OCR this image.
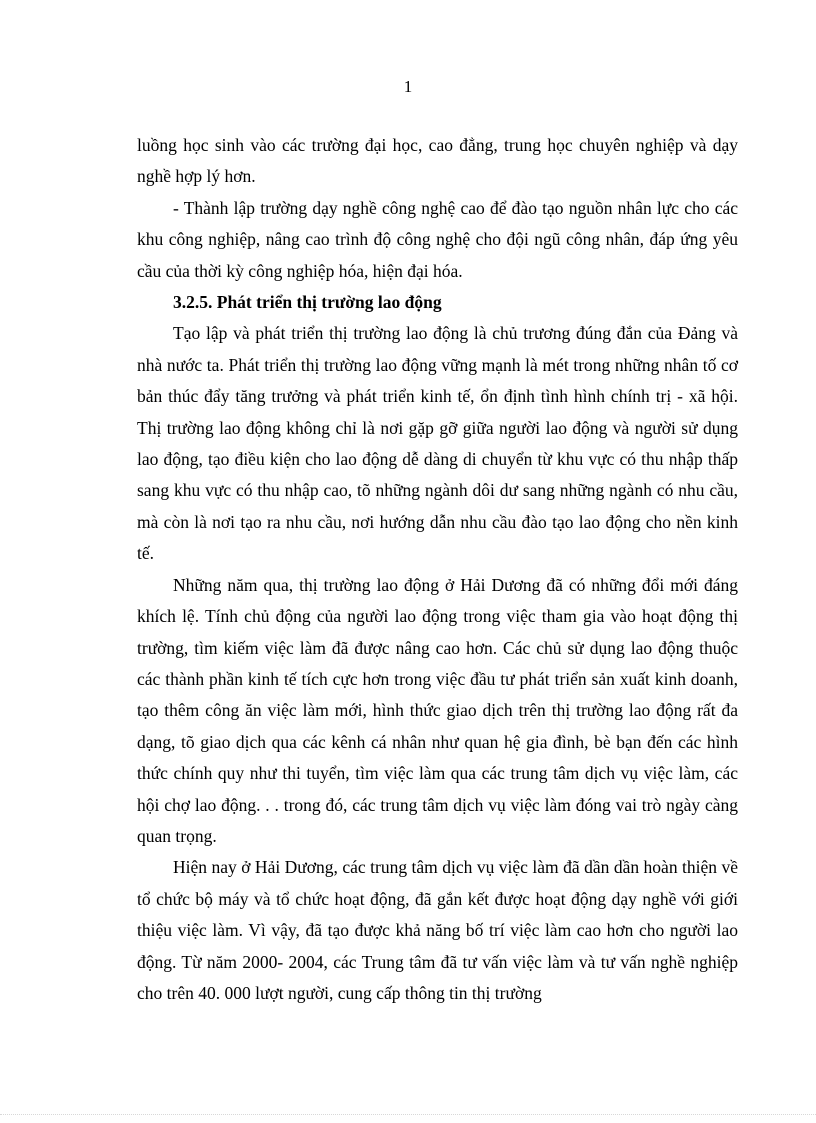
1

luồng học sinh vào các trường đại học, cao đẳng, trung học chuyên nghiệp và dạy nghề hợp lý hơn.

- Thành lập trường dạy nghề công nghệ cao để đào tạo nguồn nhân lực cho các khu công nghiệp, nâng cao trình độ công nghệ cho đội ngũ công nhân, đáp ứng yêu cầu của thời kỳ công nghiệp hóa, hiện đại hóa.

3.2.5. Phát triển thị trường lao động

Tạo lập và phát triển thị trường lao động là chủ trương đúng đắn của Đảng và nhà nước ta. Phát triển thị trường lao động vững mạnh là mét trong những nhân tố cơ bản thúc đẩy tăng trưởng và phát triển kinh tế, ổn định tình hình chính trị - xã hội. Thị trường lao động không chỉ là nơi gặp gỡ giữa người lao động và người sử dụng lao động, tạo điều kiện cho lao động dễ dàng di chuyển từ khu vực có thu nhập thấp sang khu vực có thu nhập cao, tõ những ngành dôi dư sang những ngành có nhu cầu, mà còn là nơi tạo ra nhu cầu, nơi hướng dẫn nhu cầu đào tạo lao động cho nền kinh tế.

Những năm qua, thị trường lao động ở Hải Dương đã có những đổi mới đáng khích lệ. Tính chủ động của người lao động trong việc tham gia vào hoạt động thị trường, tìm kiếm việc làm đã được nâng cao hơn. Các chủ sử dụng lao động thuộc các thành phần kinh tế tích cực hơn trong việc đầu tư phát triển sản xuất kinh doanh, tạo thêm công ăn việc làm mới, hình thức giao dịch trên thị trường lao động rất đa dạng, tõ giao dịch qua các kênh cá nhân như quan hệ gia đình, bè bạn đến các hình thức chính quy như thi tuyển, tìm việc làm qua các trung tâm dịch vụ việc làm, các hội chợ lao động. . . trong đó, các trung tâm dịch vụ việc làm đóng vai trò ngày càng quan trọng.

Hiện nay ở Hải Dương, các trung tâm dịch vụ việc làm đã dần dần hoàn thiện về tổ chức bộ máy và tổ chức hoạt động, đã gắn kết được hoạt động dạy nghề với giới thiệu việc làm. Vì vậy, đã tạo được khả năng bố trí việc làm cao hơn cho người lao động. Từ năm 2000- 2004, các Trung tâm đã tư vấn việc làm và tư vấn nghề nghiệp cho trên 40. 000 lượt người, cung cấp thông tin thị trường
